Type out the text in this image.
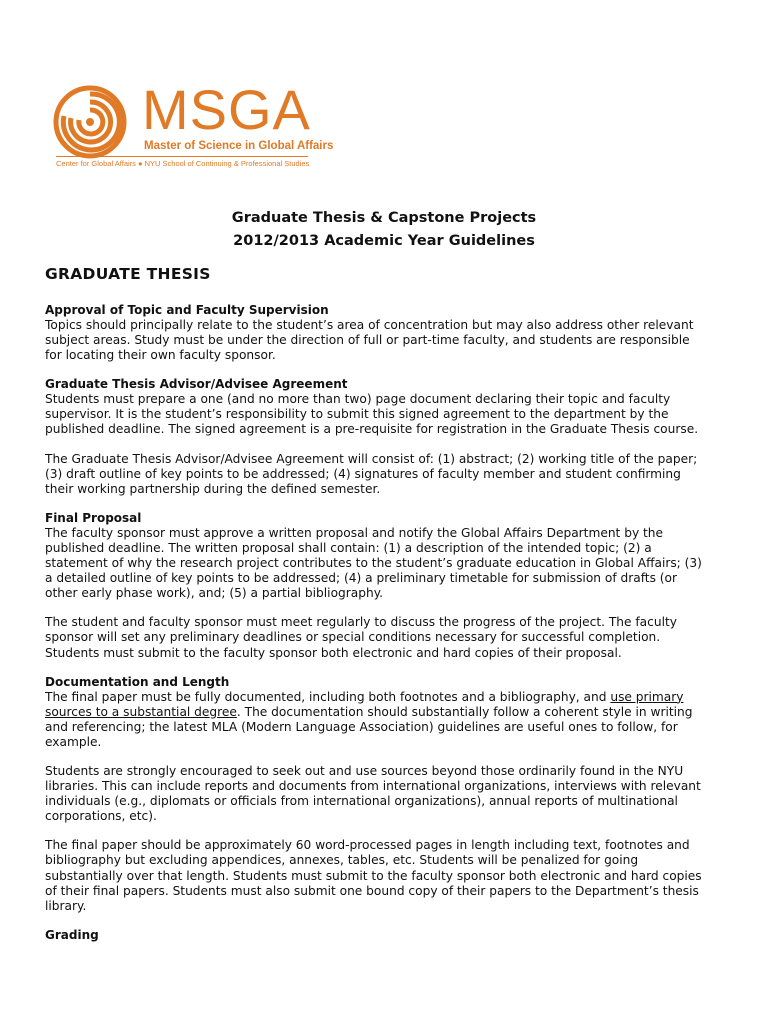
MSGA
Master of Science in Global Affairs
Center for Global Affairs ● NYU School of Continuing & Professional Studies
Graduate Thesis & Capstone Projects
2012/2013 Academic Year Guidelines
GRADUATE THESIS
Approval of Topic and Faculty Supervision

Topics should principally relate to the student’s area of concentration but may also address other relevant

subject areas. Study must be under the direction of full or part-time faculty, and students are responsible

for locating their own faculty sponsor.

Graduate Thesis Advisor/Advisee Agreement

Students must prepare a one (and no more than two) page document declaring their topic and faculty

supervisor. It is the student’s responsibility to submit this signed agreement to the department by the

published deadline. The signed agreement is a pre-requisite for registration in the Graduate Thesis course.

The Graduate Thesis Advisor/Advisee Agreement will consist of: (1) abstract; (2) working title of the paper;

(3) draft outline of key points to be addressed; (4) signatures of faculty member and student confirming

their working partnership during the defined semester.

Final Proposal

The faculty sponsor must approve a written proposal and notify the Global Affairs Department by the

published deadline. The written proposal shall contain: (1) a description of the intended topic; (2) a

statement of why the research project contributes to the student’s graduate education in Global Affairs; (3)

a detailed outline of key points to be addressed; (4) a preliminary timetable for submission of drafts (or

other early phase work), and; (5) a partial bibliography.

The student and faculty sponsor must meet regularly to discuss the progress of the project. The faculty

sponsor will set any preliminary deadlines or special conditions necessary for successful completion.

Students must submit to the faculty sponsor both electronic and hard copies of their proposal.

Documentation and Length

The final paper must be fully documented, including both footnotes and a bibliography, and use primary

sources to a substantial degree. The documentation should substantially follow a coherent style in writing

and referencing; the latest MLA (Modern Language Association) guidelines are useful ones to follow, for

example.

Students are strongly encouraged to seek out and use sources beyond those ordinarily found in the NYU

libraries. This can include reports and documents from international organizations, interviews with relevant

individuals (e.g., diplomats or officials from international organizations), annual reports of multinational

corporations, etc).

The final paper should be approximately 60 word-processed pages in length including text, footnotes and

bibliography but excluding appendices, annexes, tables, etc. Students will be penalized for going

substantially over that length. Students must submit to the faculty sponsor both electronic and hard copies

of their final papers. Students must also submit one bound copy of their papers to the Department’s thesis

library.

Grading
